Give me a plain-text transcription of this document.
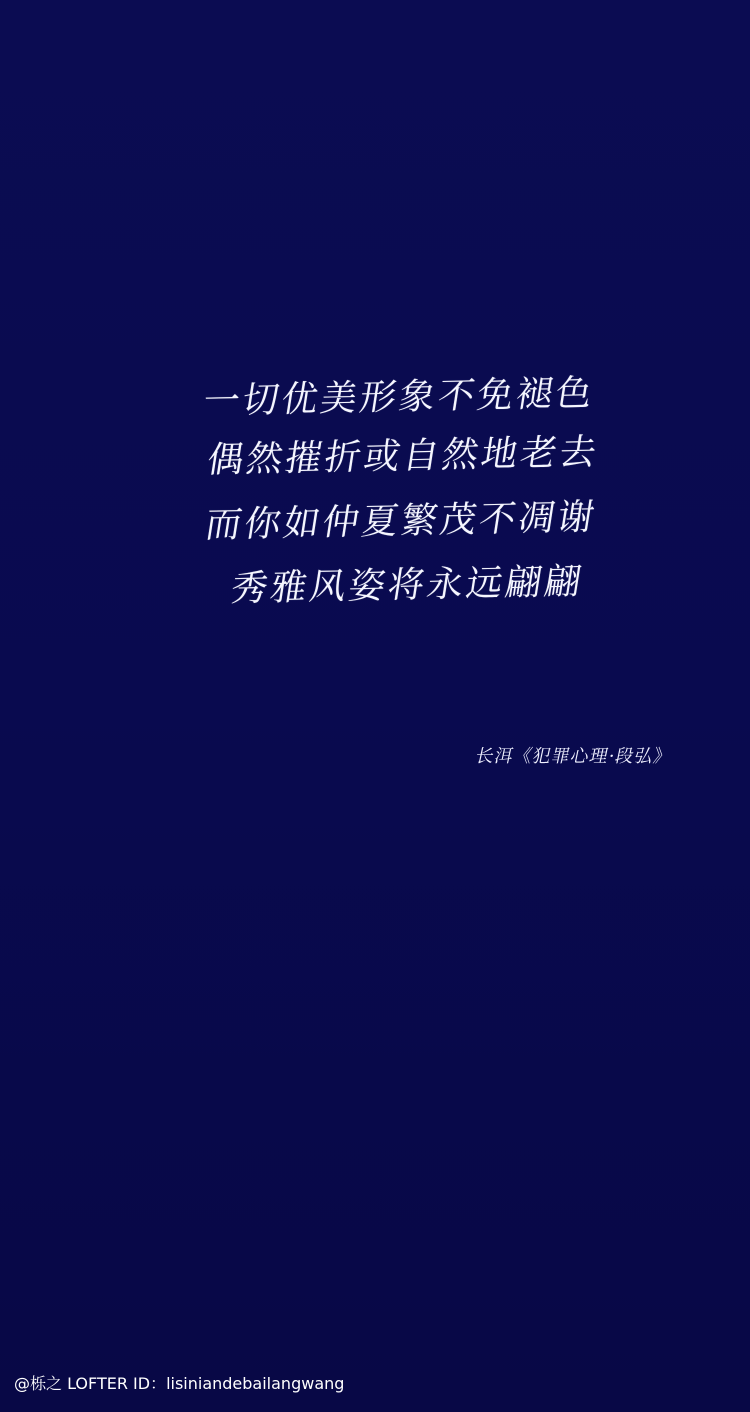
一切优美形象不免褪色
偶然摧折或自然地老去
而你如仲夏繁茂不凋谢
秀雅风姿将永远翩翩
长洱《犯罪心理·段弘》
@栎之 LOFTER ID：lisiniandebailangwang
